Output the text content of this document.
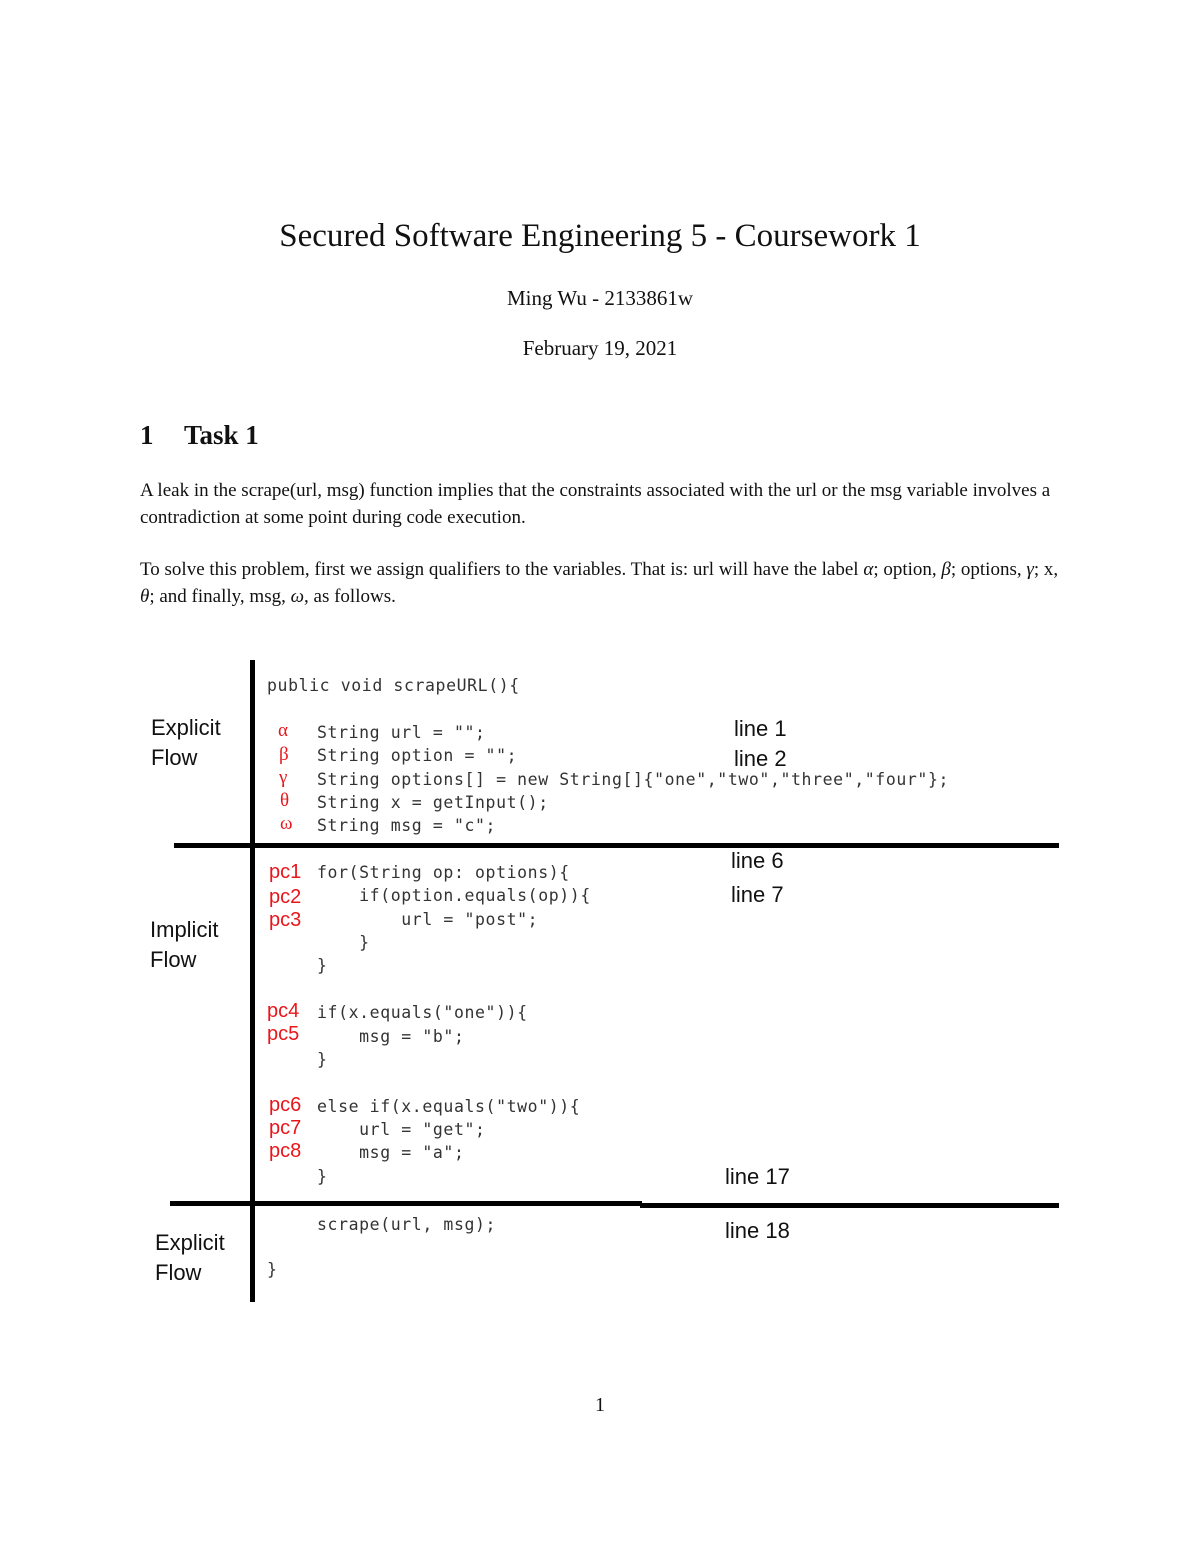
Secured Software Engineering 5 - Coursework 1
Ming Wu - 2133861w
February 19, 2021
1 Task 1
A leak in the scrape(url, msg) function implies that the constraints associated with the url or the msg variable involves a contradiction at some point during code execution.
To solve this problem, first we assign qualifiers to the variables. That is: url will have the label α; option, β; options, γ; x, θ; and finally, msg, ω, as follows.
Explicit
Flow
Implicit
Flow
Explicit
Flow
α
β
γ
θ
ω
pc1
pc2
pc3
pc4
pc5
pc6
pc7
pc8
public void scrapeURL(){
String url = "";
String option = "";
String options[] = new String[]{"one","two","three","four"};
String x = getInput();
String msg = "c";
for(String op: options){
if(option.equals(op)){
url = "post";
}
}
if(x.equals("one")){
msg = "b";
}
else if(x.equals("two")){
url = "get";
msg = "a";
}
scrape(url, msg);
}
line 1
line 2
line 6
line 7
line 17
line 18
1
